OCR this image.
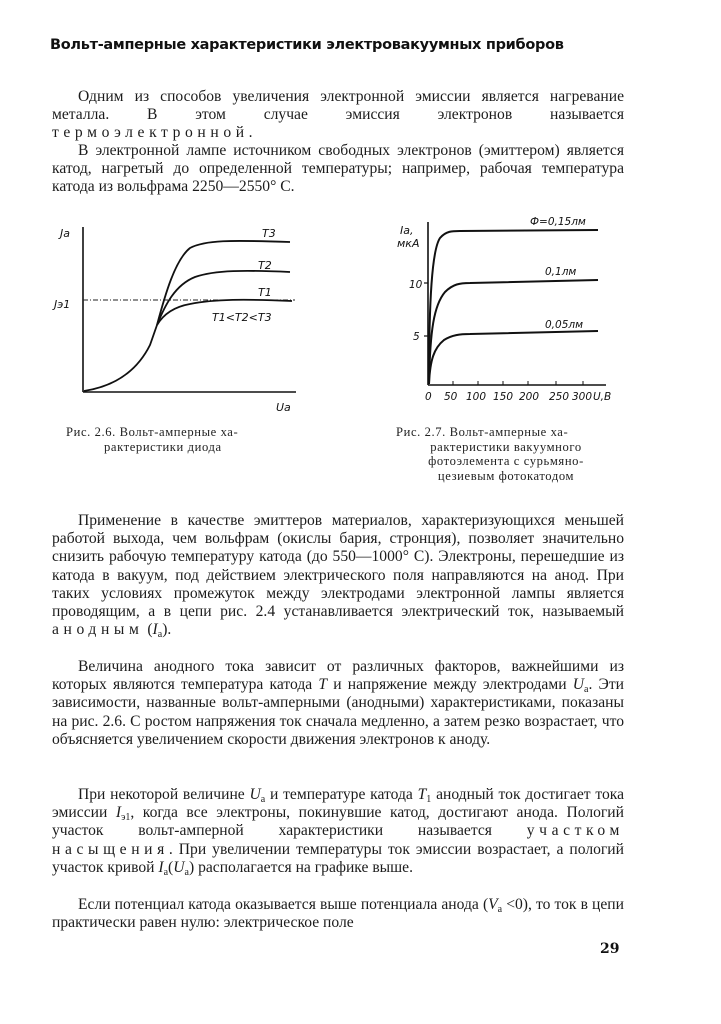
Вольт-амперные характеристики электровакуумных приборов
Одним из способов увеличения электронной эмиссии является нагревание металла. В этом случае эмиссия электронов называется термоэлектронной.
В электронной лампе источником свободных электронов (эмиттером) является катод, нагретый до определенной температуры; например, рабочая температура катода из вольфрама 2250—2550° С.
Jа
Jэ1
Uа
T3
T2
T1
T1<T2<T3
Iа,
мкА
10
5
0 50 100 150 200 250 300 U,B
Ф=0,15лм
0,1лм
0,05лм
Рис. 2.6. Вольт-амперные ха-
рактеристики диода
Рис. 2.7. Вольт-амперные ха-
рактеристики вакуумного фотоэлемента с сурьмяно-цезиевым фотокатодом
Применение в качестве эмиттеров материалов, характеризующихся меньшей работой выхода, чем вольфрам (окислы бария, стронция), позволяет значительно снизить рабочую температуру катода (до 550—1000° С). Электроны, перешедшие из катода в вакуум, под действием электрического поля направляются на анод. При таких условиях промежуток между электродами электронной лампы является проводящим, а в цепи рис. 2.4 устанавливается электрический ток, называемый анодным $(I_а)$.
Величина анодного тока зависит от различных факторов, важнейшими из которых являются температура катода T и напряжение между электродами $U_а$. Эти зависимости, названные вольт-амперными (анодными) характеристиками, показаны на рис. 2.6. С ростом напряжения ток сначала медленно, а затем резко возрастает, что объясняется увеличением скорости движения электронов к аноду.
При некоторой величине $U_а$ и температуре катода $T_1$ анодный ток достигает тока эмиссии $I_{э1}$, когда все электроны, покинувшие катод, достигают анода. Пологий участок вольт-амперной характеристики называется участком насыщения. При увеличении температуры ток эмиссии возрастает, а пологий участок кривой $I_а(U_а)$ располагается на графике выше.
Если потенциал катода оказывается выше потенциала анода $(V_а <0)$, то ток в цепи практически равен нулю: электрическое поле
29
